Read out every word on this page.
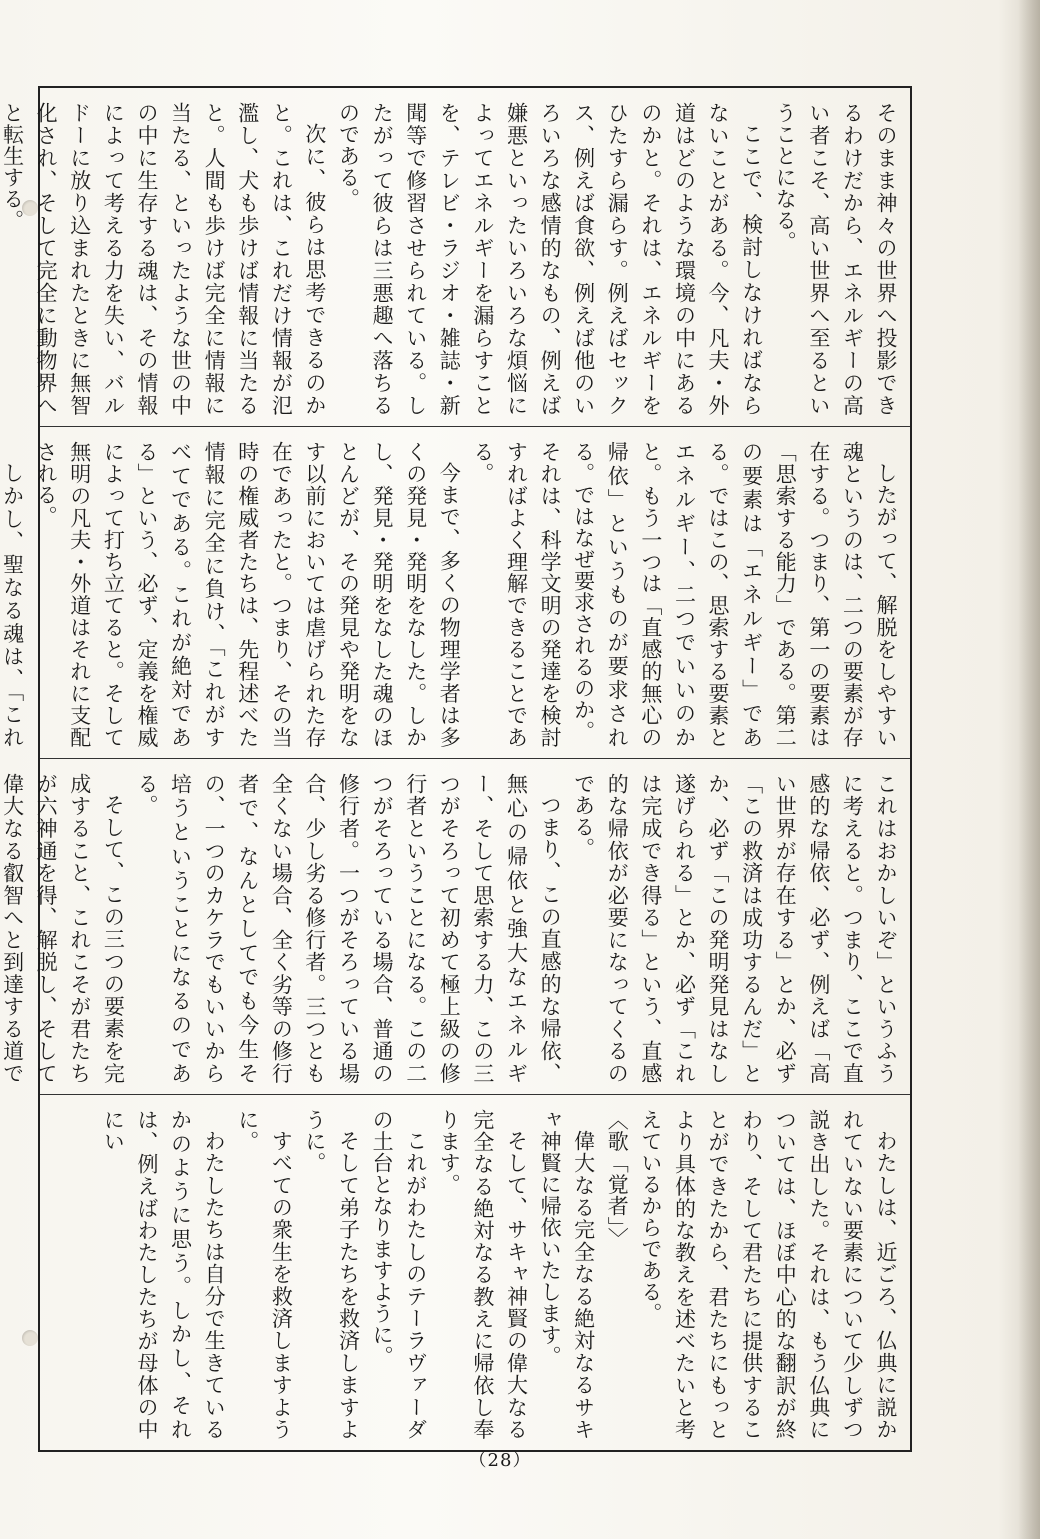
そのまま神々の世界へ投影できるわけだから、エネルギーの高い者こそ、高い世界へ至るということになる。

ここで、検討しなければならないことがある。今、凡夫・外道はどのような環境の中にあるのかと。それは、エネルギーをひたすら漏らす。例えばセックス、例えば食欲、例えば他のいろいろな感情的なもの、例えば嫌悪といったいろいろな煩悩によってエネルギーを漏らすことを、テレビ・ラジオ・雑誌・新聞等で修習させられている。したがって彼らは三悪趣へ落ちるのである。

次に、彼らは思考できるのかと。これは、これだけ情報が氾濫し、犬も歩けば情報に当たると。人間も歩けば完全に情報に当たる、といったような世の中の中に生存する魂は、その情報によって考える力を失い、バルドーに放り込まれたときに無智化され、そして完全に動物界へと転生する。

したがって、解脱をしやすい魂というのは、二つの要素が存在する。つまり、第一の要素は「思索する能力」である。第二の要素は「エネルギー」である。ではこの、思索する要素とエネルギー、二つでいいのかと。もう一つは「直感的無心の帰依」というものが要求される。ではなぜ要求されるのか。

それは、科学文明の発達を検討すればよく理解できることである。

今まで、多くの物理学者は多くの発見・発明をなした。しかし、発見・発明をなした魂のほとんどが、その発見や発明をなす以前においては虐げられた存在であったと。つまり、その当時の権威者たちは、先程述べた情報に完全に負け、「これがすべてである。これが絶対である」という、必ず、定義を権威によって打ち立てると。そして無明の凡夫・外道はそれに支配される。

しかし、聖なる魂は、「これ

これはおかしいぞ」というふうに考えると。つまり、ここで直感的な帰依、必ず、例えば「高い世界が存在する」とか、必ず「この救済は成功するんだ」とか、必ず「この発明発見はなし遂げられる」とか、必ず「これは完成でき得る」という、直感的な帰依が必要になってくるのである。

つまり、この直感的な帰依、無心の帰依と強大なエネルギー、そして思索する力、この三つがそろって初めて極上級の修行者ということになる。この二つがそろっている場合、普通の修行者。一つがそろっている場合、少し劣る修行者。三つとも全くない場合、全く劣等の修行者で、なんとしてでも今生その、一つのカケラでもいいから培うということになるのである。

そして、この三つの要素を完成すること、これこそが君たちが六神通を得、解脱し、そして偉大なる叡智へと到達する道で

わたしは、近ごろ、仏典に説かれていない要素について少しずつ説き出した。それは、もう仏典については、ほぼ中心的な翻訳が終わり、そして君たちに提供することができたから、君たちにもっとより具体的な教えを述べたいと考えているからである。

〈歌「覚者」〉

偉大なる完全なる絶対なるサキャ神賢に帰依いたします。

そして、サキャ神賢の偉大なる完全なる絶対なる教えに帰依し奉ります。

これがわたしのテーラヴァーダの土台となりますように。

そして弟子たちを救済しますように。

すべての衆生を救済しますように。

わたしたちは自分で生きているかのように思う。しかし、それは、例えばわたしたちが母体の中にい

（28）
